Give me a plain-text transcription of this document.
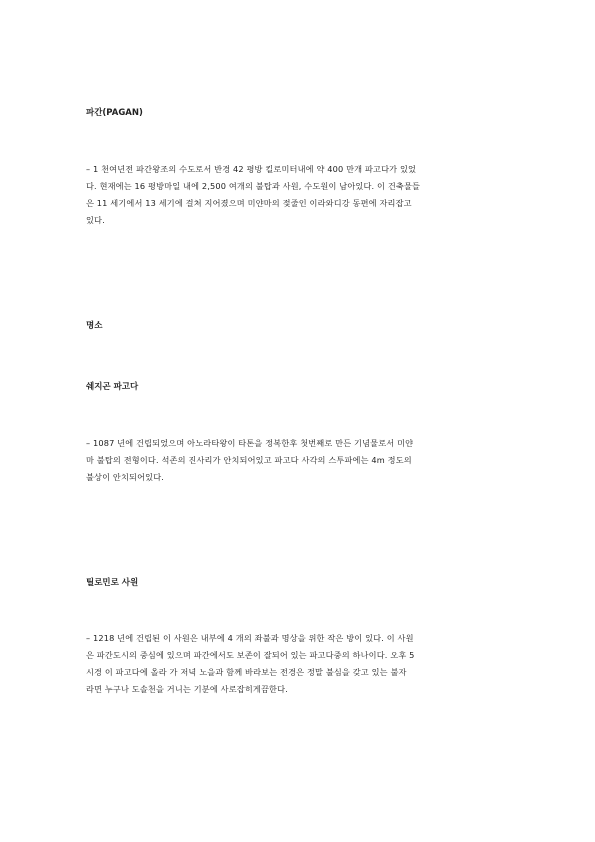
파간(PAGAN)
– 1 천여년전 파간왕조의 수도로서 반경 42 평방 킬로미터내에 약 400 만개 파고다가 있었
다. 현재에는 16 평방마일 내에 2,500 여개의 불탑과 사원, 수도원이 남아있다. 이 건축물들
은 11 세기에서 13 세기에 걸쳐 지어졌으며 미얀마의 젖줄인 이라와디강 동편에 자리잡고
있다.
명소
쉐지곤 파고다
– 1087 년에 건립되었으며 아노라타왕이 타톤을 정복한후 첫번째로 만든 기념물로서 미얀
마 불탑의 전형이다. 석존의 진사리가 안치되어있고 파고다 사각의 스투파에는 4m 정도의
불상이 안치되어있다.
틸로민로 사원
– 1218 년에 건립된 이 사원은 내부에 4 개의 좌불과 명상을 위한 작은 방이 있다. 이 사원
은 파간도시의 중심에 있으며 파간에서도 보존이 잘되어 있는 파고다중의 하나이다. 오후 5
시경 이 파고다에 올라 가 저녁 노을과 함께 바라보는 전경은 정말 불심을 갖고 있는 불자
라면 누구나 도솔천을 거니는 기분에 사로잡히게끔한다.
